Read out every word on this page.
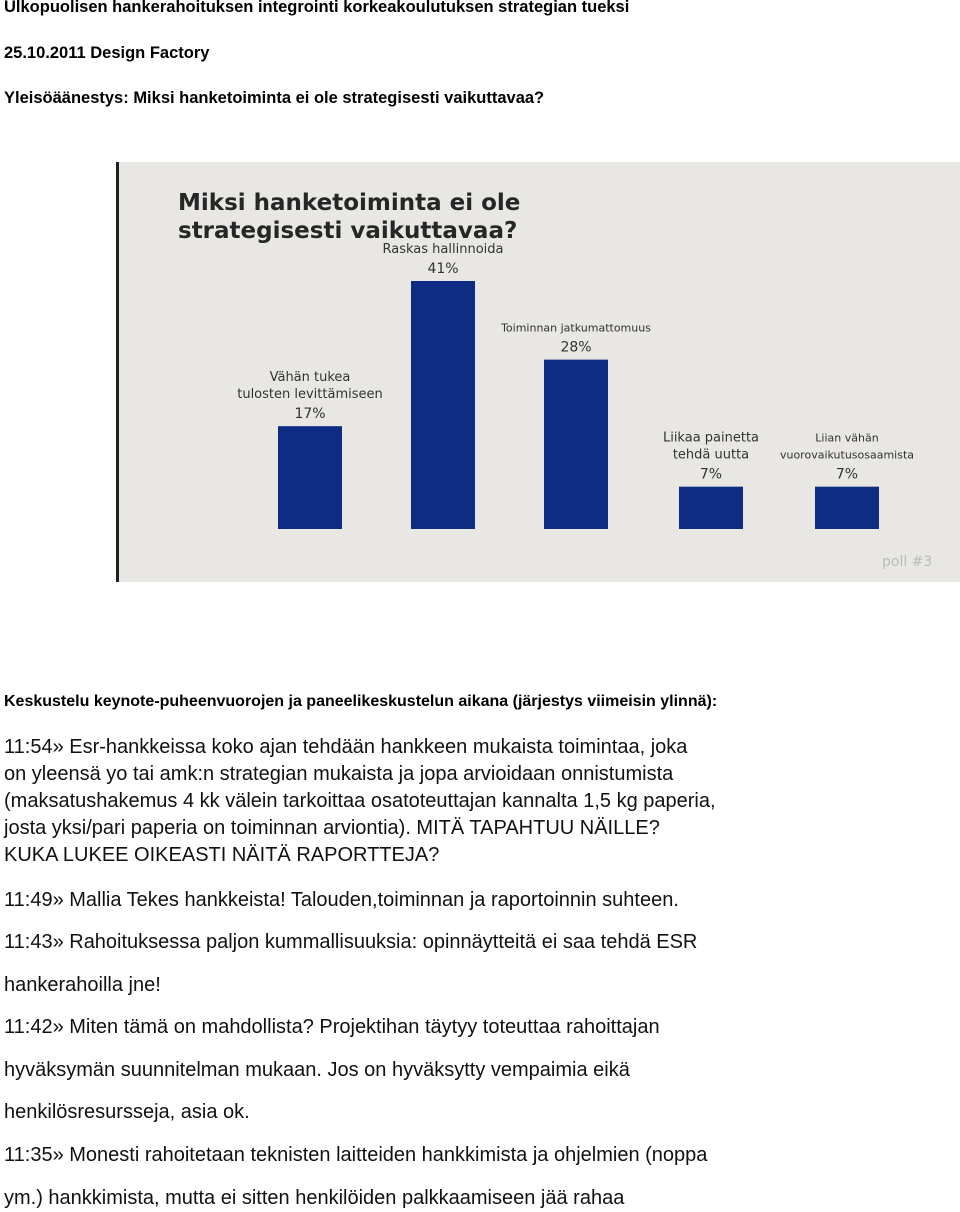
Ulkopuolisen hankerahoituksen integrointi korkeakoulutuksen strategian tueksi
25.10.2011 Design Factory
Yleisöäänestys: Miksi hanketoiminta ei ole strategisesti vaikuttavaa?
Miksi hanketoiminta ei ole
strategisesti vaikuttavaa?
poll #3
17%
Vähän tukea
tulosten levittämiseen
41%
Raskas hallinnoida
28%
Toiminnan jatkumattomuus
7%
Liikaa painetta
tehdä uutta
7%
Liian vähän
vuorovaikutusosaamista
Keskustelu keynote-puheenvuorojen ja paneelikeskustelun aikana (järjestys viimeisin ylinnä):
11:54» Esr-hankkeissa koko ajan tehdään hankkeen mukaista toimintaa, joka
on yleensä yo tai amk:n strategian mukaista ja jopa arvioidaan onnistumista
(maksatushakemus 4 kk välein tarkoittaa osatoteuttajan kannalta 1,5 kg paperia,
josta yksi/pari paperia on toiminnan arviontia). MITÄ TAPAHTUU NÄILLE?
KUKA LUKEE OIKEASTI NÄITÄ RAPORTTEJA?
11:49» Mallia Tekes hankkeista! Talouden,toiminnan ja raportoinnin suhteen.
11:43» Rahoituksessa paljon kummallisuuksia: opinnäytteitä ei saa tehdä ESR
hankerahoilla jne!
11:42» Miten tämä on mahdollista? Projektihan täytyy toteuttaa rahoittajan
hyväksymän suunnitelman mukaan. Jos on hyväksytty vempaimia eikä
henkilösresursseja, asia ok.
11:35» Monesti rahoitetaan teknisten laitteiden hankkimista ja ohjelmien (noppa
ym.) hankkimista, mutta ei sitten henkilöiden palkkaamiseen jää rahaa
